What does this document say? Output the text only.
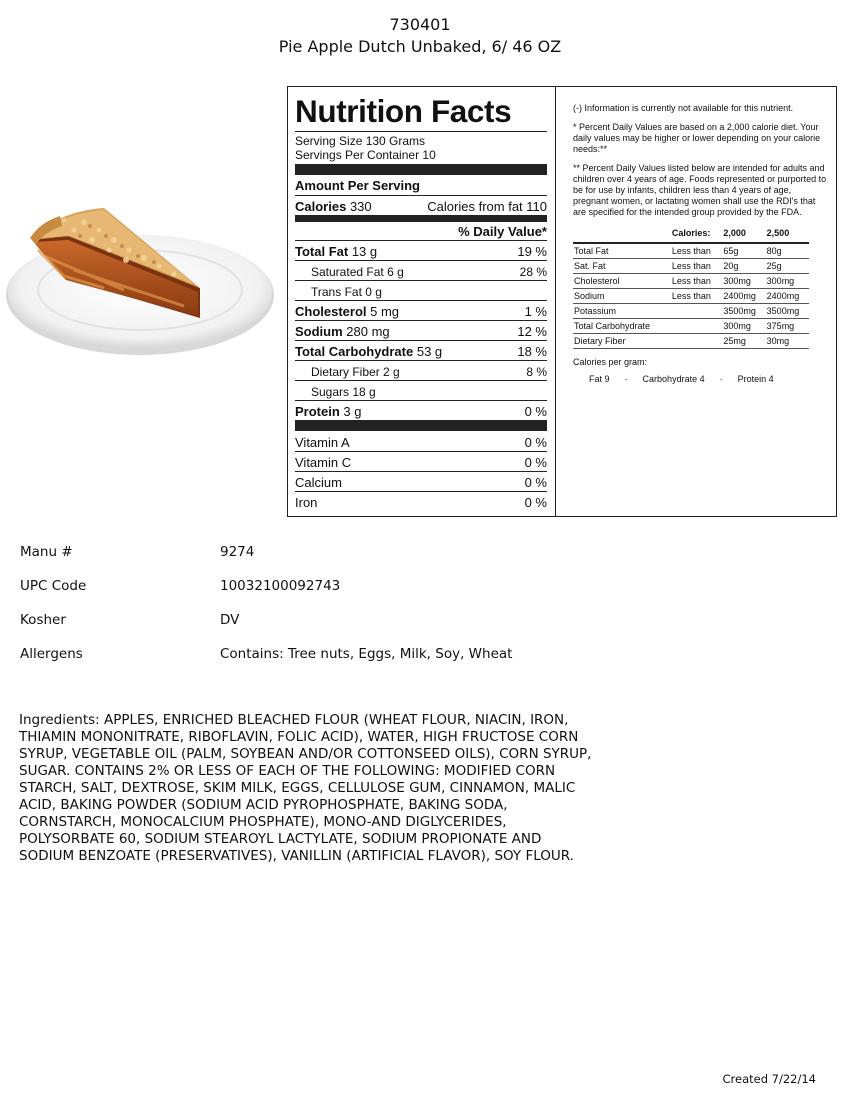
730401
Pie Apple Dutch Unbaked, 6/ 46 OZ
Nutrition Facts
Serving Size 130 Grams
Servings Per Container 10
Amount Per Serving
Calories 330	Calories from fat 110
% Daily Value*
Total Fat 13 g	19 %
Saturated Fat 6 g	28 %
Trans Fat 0 g
Cholesterol 5 mg	1 %
Sodium 280 mg	12 %
Total Carbohydrate 53 g	18 %
Dietary Fiber 2 g	8 %
Sugars 18 g
Protein 3 g	0 %
Vitamin A	0 %
Vitamin C	0 %
Calcium	0 %
Iron	0 %
(-) Information is currently not available for this nutrient.
* Percent Daily Values are based on a 2,000 calorie diet. Your daily values may be higher or lower depending on your calorie needs:**
** Percent Daily Values listed below are intended for adults and children over 4 years of age. Foods represented or purported to be for use by infants, children less than 4 years of age, pregnant women, or lactating women shall use the RDI's that are specified for the intended group provided by the FDA.
	Calories:	2,000	2,500
Total Fat	Less than	65g	80g
Sat. Fat	Less than	20g	25g
Cholesterol	Less than	300mg	300mg
Sodium	Less than	2400mg	2400mg
Potassium		3500mg	3500mg
Total Carbohydrate		300mg	375mg
Dietary Fiber		25mg	30mg
Calories per gram:
Fat 9 · Carbohydrate 4 · Protein 4
Manu #	9274
UPC Code	10032100092743
Kosher	DV
Allergens	Contains: Tree nuts, Eggs, Milk, Soy, Wheat
Ingredients: APPLES, ENRICHED BLEACHED FLOUR (WHEAT FLOUR, NIACIN, IRON, THIAMIN MONONITRATE, RIBOFLAVIN, FOLIC ACID), WATER, HIGH FRUCTOSE CORN SYRUP, VEGETABLE OIL (PALM, SOYBEAN AND/OR COTTONSEED OILS), CORN SYRUP, SUGAR. CONTAINS 2% OR LESS OF EACH OF THE FOLLOWING: MODIFIED CORN STARCH, SALT, DEXTROSE, SKIM MILK, EGGS, CELLULOSE GUM, CINNAMON, MALIC ACID, BAKING POWDER (SODIUM ACID PYROPHOSPHATE, BAKING SODA, CORNSTARCH, MONOCALCIUM PHOSPHATE), MONO-AND DIGLYCERIDES, POLYSORBATE 60, SODIUM STEAROYL LACTYLATE, SODIUM PROPIONATE AND SODIUM BENZOATE (PRESERVATIVES), VANILLIN (ARTIFICIAL FLAVOR), SOY FLOUR.
Created 7/22/14
